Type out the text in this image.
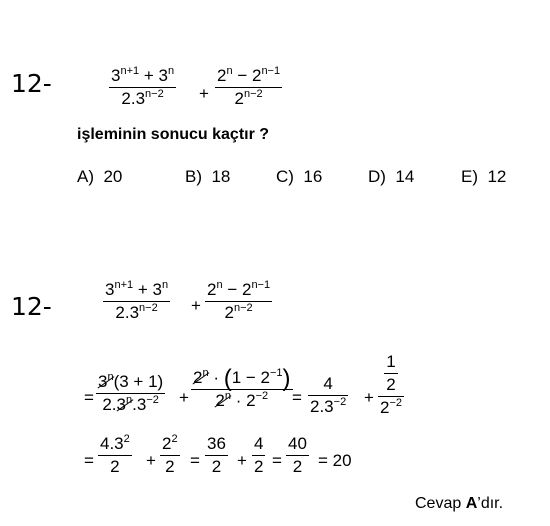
12-	$3^{n+1} + 3^n$
$2.3^{n-2}$	+
$2^n - 2^{n-1}$
$2^{n-2}$
işleminin sonucu kaçtır ?
A) 20	B) 18	C) 16	D) 14	E) 12
12-
$3^{n+1} + 3^n$
$2.3^{n-2}$	+
$2^n - 2^{n-1}$
$2^{n-2}$
=
$3^n(3 + 1)$
$2.3^n.3^{-2}$	+
$2^n \cdot (1 - 2^{-1})$
$2^n \cdot 2^{-2}$	=
4
$2.3^{-2}$ +
$\frac{1}{2}$
$2^{-2}$
=
$4.3^2$
2	+
$2^2$
2 =
36
2 +
4
2 =
40
2 = 20
Cevap A’dır.
